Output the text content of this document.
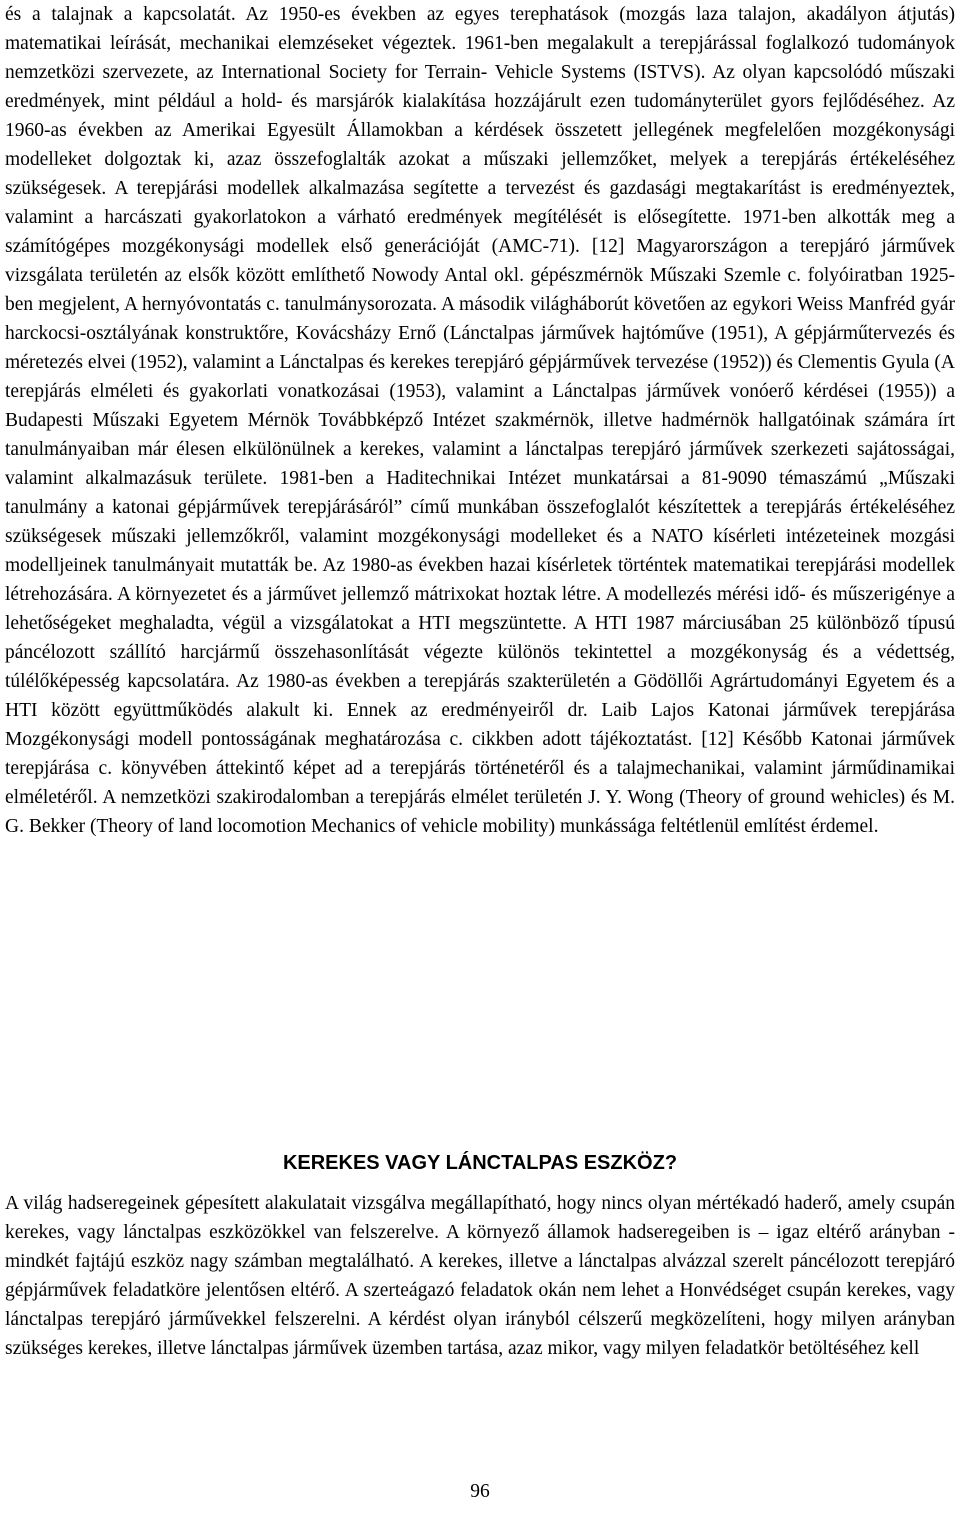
és a talajnak a kapcsolatát. Az 1950-es években az egyes terephatások (mozgás laza talajon, akadályon átjutás) matematikai leírását, mechanikai elemzéseket végeztek. 1961-ben megalakult a terepjárással foglalkozó tudományok nemzetközi szervezete, az International Society for Terrain- Vehicle Systems (ISTVS). Az olyan kapcsolódó műszaki eredmények, mint például a hold- és marsjárók kialakítása hozzájárult ezen tudományterület gyors fejlődéséhez. Az 1960-as években az Amerikai Egyesült Államokban a kérdések összetett jellegének megfelelően mozgékonysági modelleket dolgoztak ki, azaz összefoglalták azokat a műszaki jellemzőket, melyek a terepjárás értékeléséhez szükségesek. A terepjárási modellek alkalmazása segítette a tervezést és gazdasági megtakarítást is eredményeztek, valamint a harcászati gyakorlatokon a várható eredmények megítélését is elősegítette. 1971-ben alkották meg a számítógépes mozgékonysági modellek első generációját (AMC-71). [12] Magyarországon a terepjáró járművek vizsgálata területén az elsők között említhető Nowody Antal okl. gépészmérnök Műszaki Szemle c. folyóiratban 1925-ben megjelent, A hernyóvontatás c. tanulmánysorozata. A második világháborút követően az egykori Weiss Manfréd gyár harckocsi-osztályának konstruktőre, Kovácsházy Ernő (Lánctalpas járművek hajtóműve (1951), A gépjárműtervezés és méretezés elvei (1952), valamint a Lánctalpas és kerekes terepjáró gépjárművek tervezése (1952)) és Clementis Gyula (A terepjárás elméleti és gyakorlati vonatkozásai (1953), valamint a Lánctalpas járművek vonóerő kérdései (1955)) a Budapesti Műszaki Egyetem Mérnök Továbbképző Intézet szakmérnök, illetve hadmérnök hallgatóinak számára írt tanulmányaiban már élesen elkülönülnek a kerekes, valamint a lánctalpas terepjáró járművek szerkezeti sajátosságai, valamint alkalmazásuk területe. 1981-ben a Haditechnikai Intézet munkatársai a 81-9090 témaszámú „Műszaki tanulmány a katonai gépjárművek terepjárásáról” című munkában összefoglalót készítettek a terepjárás értékeléséhez szükségesek műszaki jellemzőkről, valamint mozgékonysági modelleket és a NATO kísérleti intézeteinek mozgási modelljeinek tanulmányait mutatták be. Az 1980-as években hazai kísérletek történtek matematikai terepjárási modellek létrehozására. A környezetet és a járművet jellemző mátrixokat hoztak létre. A modellezés mérési idő- és műszerigénye a lehetőségeket meghaladta, végül a vizsgálatokat a HTI megszüntette. A HTI 1987 márciusában 25 különböző típusú páncélozott szállító harcjármű összehasonlítását végezte különös tekintettel a mozgékonyság és a védettség, túlélőképesség kapcsolatára. Az 1980-as években a terepjárás szakterületén a Gödöllői Agrártudományi Egyetem és a HTI között együttműködés alakult ki. Ennek az eredményeiről dr. Laib Lajos Katonai járművek terepjárása Mozgékonysági modell pontosságának meghatározása c. cikkben adott tájékoztatást. [12] Később Katonai járművek terepjárása c. könyvében áttekintő képet ad a terepjárás történetéről és a talajmechanikai, valamint járműdinamikai elméletéről. A nemzetközi szakirodalomban a terepjárás elmélet területén J. Y. Wong (Theory of ground wehicles) és M. G. Bekker (Theory of land locomotion Mechanics of vehicle mobility) munkássága feltétlenül említést érdemel.

KEREKES VAGY LÁNCTALPAS ESZKÖZ?

A világ hadseregeinek gépesített alakulatait vizsgálva megállapítható, hogy nincs olyan mértékadó haderő, amely csupán kerekes, vagy lánctalpas eszközökkel van felszerelve. A környező államok hadseregeiben is – igaz eltérő arányban - mindkét fajtájú eszköz nagy számban megtalálható. A kerekes, illetve a lánctalpas alvázzal szerelt páncélozott terepjáró gépjárművek feladatköre jelentősen eltérő. A szerteágazó feladatok okán nem lehet a Honvédséget csupán kerekes, vagy lánctalpas terepjáró járművekkel felszerelni. A kérdést olyan irányból célszerű megközelíteni, hogy milyen arányban szükséges kerekes, illetve lánctalpas járművek üzemben tartása, azaz mikor, vagy milyen feladatkör betöltéséhez kell

96
